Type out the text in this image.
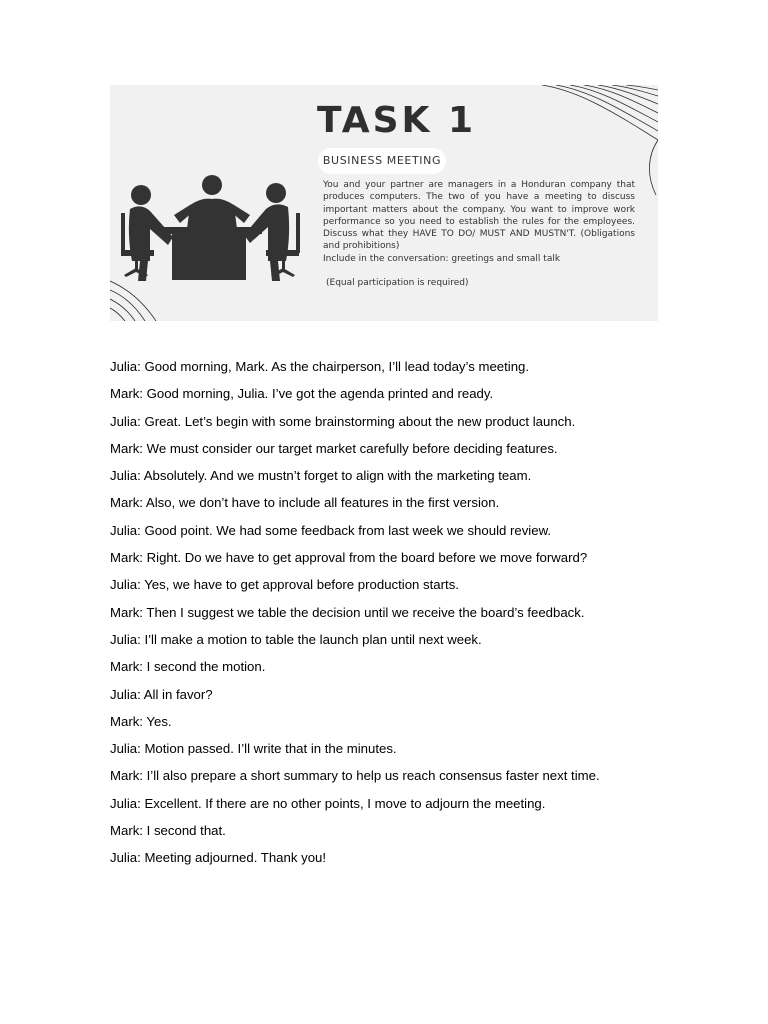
TASK 1
BUSINESS MEETING

You and your partner are managers in a Honduran company that produces computers. The two of you have a meeting to discuss important matters about the company. You want to improve work performance so you need to establish the rules for the employees. Discuss what they HAVE TO DO/ MUST AND MUSTN'T. (Obligations and prohibitions)

Include in the conversation: greetings and small talk

(Equal participation is required)

Julia: Good morning, Mark. As the chairperson, I’ll lead today’s meeting.
Mark: Good morning, Julia. I’ve got the agenda printed and ready.
Julia: Great. Let’s begin with some brainstorming about the new product launch.
Mark: We must consider our target market carefully before deciding features.
Julia: Absolutely. And we mustn’t forget to align with the marketing team.
Mark: Also, we don’t have to include all features in the first version.
Julia: Good point. We had some feedback from last week we should review.
Mark: Right. Do we have to get approval from the board before we move forward?
Julia: Yes, we have to get approval before production starts.
Mark: Then I suggest we table the decision until we receive the board’s feedback.
Julia: I’ll make a motion to table the launch plan until next week.
Mark: I second the motion.
Julia: All in favor?
Mark: Yes.
Julia: Motion passed. I’ll write that in the minutes.
Mark: I’ll also prepare a short summary to help us reach consensus faster next time.
Julia: Excellent. If there are no other points, I move to adjourn the meeting.
Mark: I second that.
Julia: Meeting adjourned. Thank you!
